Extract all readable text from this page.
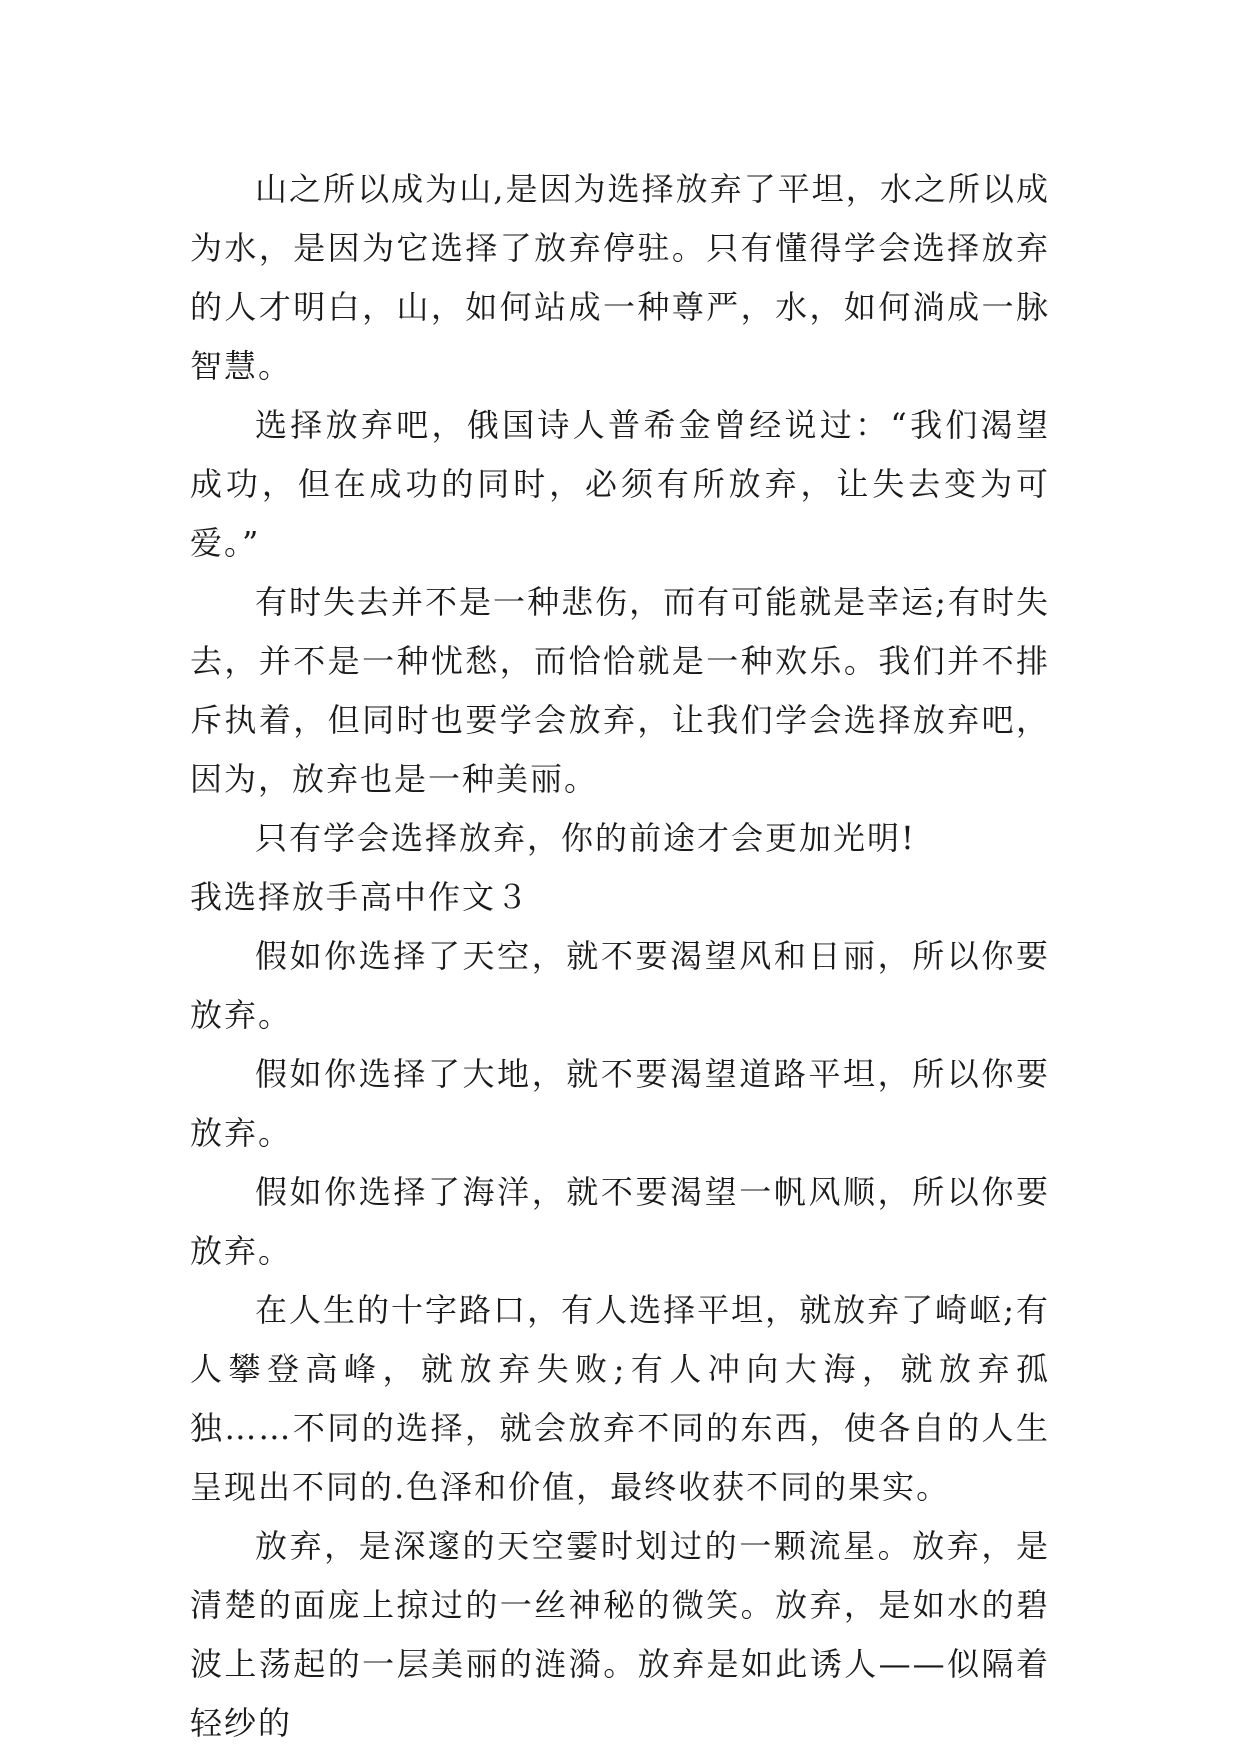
山之所以成为山,是因为选择放弃了平坦，水之所以成为水，是因为它选择了放弃停驻。只有懂得学会选择放弃的人才明白，山，如何站成一种尊严，水，如何淌成一脉智慧。

选择放弃吧，俄国诗人普希金曾经说过：“我们渴望成功，但在成功的同时，必须有所放弃，让失去变为可爱。”

有时失去并不是一种悲伤，而有可能就是幸运;有时失去，并不是一种忧愁，而恰恰就是一种欢乐。我们并不排斥执着，但同时也要学会放弃，让我们学会选择放弃吧，因为，放弃也是一种美丽。

只有学会选择放弃，你的前途才会更加光明!

我选择放手高中作文３

假如你选择了天空，就不要渴望风和日丽，所以你要放弃。

假如你选择了大地，就不要渴望道路平坦，所以你要放弃。

假如你选择了海洋，就不要渴望一帆风顺，所以你要放弃。

在人生的十字路口，有人选择平坦，就放弃了崎岖;有人攀登高峰，就放弃失败;有人冲向大海，就放弃孤独……不同的选择，就会放弃不同的东西，使各自的人生呈现出不同的.色泽和价值，最终收获不同的果实。

放弃，是深邃的天空霎时划过的一颗流星。放弃，是清楚的面庞上掠过的一丝神秘的微笑。放弃，是如水的碧波上荡起的一层美丽的涟漪。放弃是如此诱人——似隔着轻纱的
